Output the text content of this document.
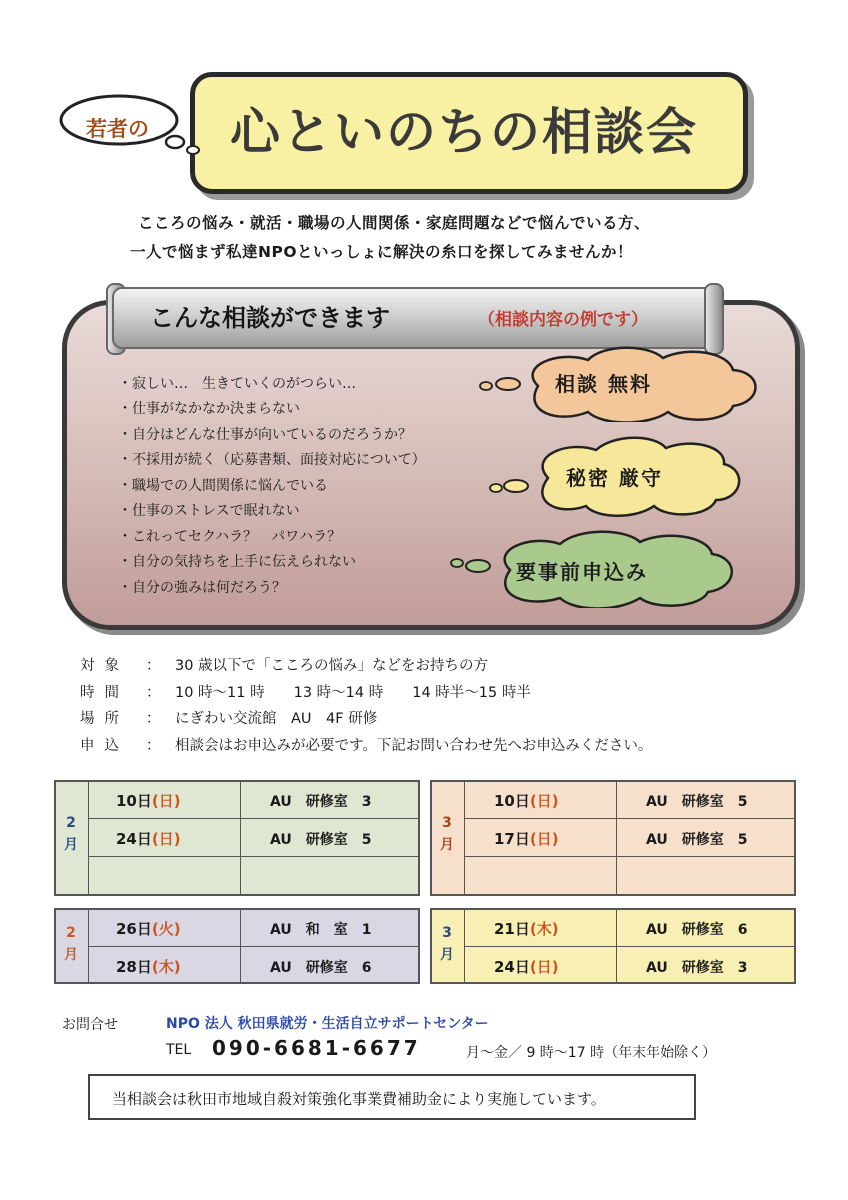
心といのちの相談会
若者の
こころの悩み・就活・職場の人間関係・家庭問題などで悩んでいる方、
一人で悩まず私達NPOといっしょに解決の糸口を探してみませんか！
こんな相談ができます	（相談内容の例です）
・寂しい…　生きていくのがつらい…
・仕事がなかなか決まらない
・自分はどんな仕事が向いているのだろうか？
・不採用が続く（応募書類、面接対応について）
・職場での人間関係に悩んでいる
・仕事のストレスで眠れない
・これってセクハラ？　パワハラ？
・自分の気持ちを上手に伝えられない
・自分の強みは何だろう？
相談 無料
秘密 厳守
要事前申込み
対象 ： 30 歳以下で「こころの悩み」などをお持ちの方
時間 ： 10 時～11 時　　13 時～14 時　　14 時半～15 時半
場所 ： にぎわい交流館　AU　4F 研修
申込 ： 相談会はお申込みが必要です。下記お問い合わせ先へお申込みください。
2
月
10日(日)	AU　研修室　3
24日(日)	AU　研修室　5
3
月
10日(日)	AU　研修室　5
17日(日)	AU　研修室　5
2
月
26日(火)	AU　和　室　1
28日(木)	AU　研修室　6
3
月
21日(木)	AU　研修室　6
24日(日)	AU　研修室　3
お問合せ	NPO 法人 秋田県就労・生活自立サポートセンター
TEL 090-6681-6677	月～金／ 9 時～17 時（年末年始除く）
当相談会は秋田市地域自殺対策強化事業費補助金により実施しています。
